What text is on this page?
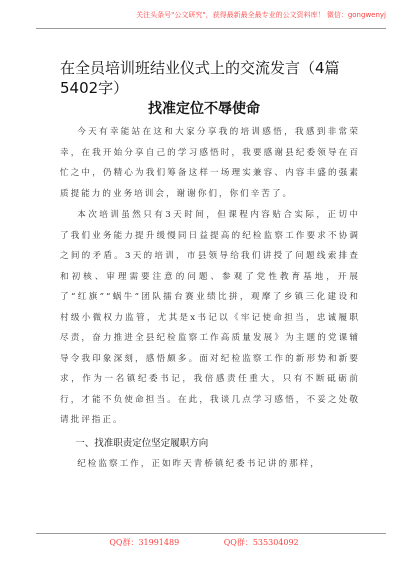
关注头条号"公文研究"，获得最新最全最专业的公文资料库！ 微信：gongwenyj
在全员培训班结业仪式上的交流发言（4篇5402字）
找准定位不辱使命

今天有幸能站在这和大家分享我的培训感悟，我感到非常荣幸，在我开始分享自己的学习感悟时，我要感谢县纪委领导在百忙之中，仍精心为我们筹备这样一场理实兼容、内容丰盛的强素质提能力的业务培训会，谢谢你们，你们辛苦了。

本次培训虽然只有3天时间，但课程内容贴合实际，正切中了我们业务能力提升缓慢同日益提高的纪检监察工作要求不协调之间的矛盾。3天的培训，市县领导给我们讲授了问题线索排查和初核、审理需要注意的问题、参观了党性教育基地，开展了“红旗”“蜗牛”团队擂台赛业绩比拼，观摩了乡镇三化建设和村级小微权力监管，尤其是x书记以《牢记使命担当，忠诚履职尽责，奋力推进全县纪检监察工作高质量发展》为主题的党课辅导令我印象深刻，感悟颇多。面对纪检监察工作的新形势和新要求，作为一名镇纪委书记，我倍感责任重大，只有不断砥砺前行，才能不负使命担当。在此，我谈几点学习感悟，不妥之处敬请批评指正。

一、找准职责定位坚定履职方向

纪检监察工作，正如昨天青桥镇纪委书记讲的那样，

QQ群：31991489	QQ群：535304092
